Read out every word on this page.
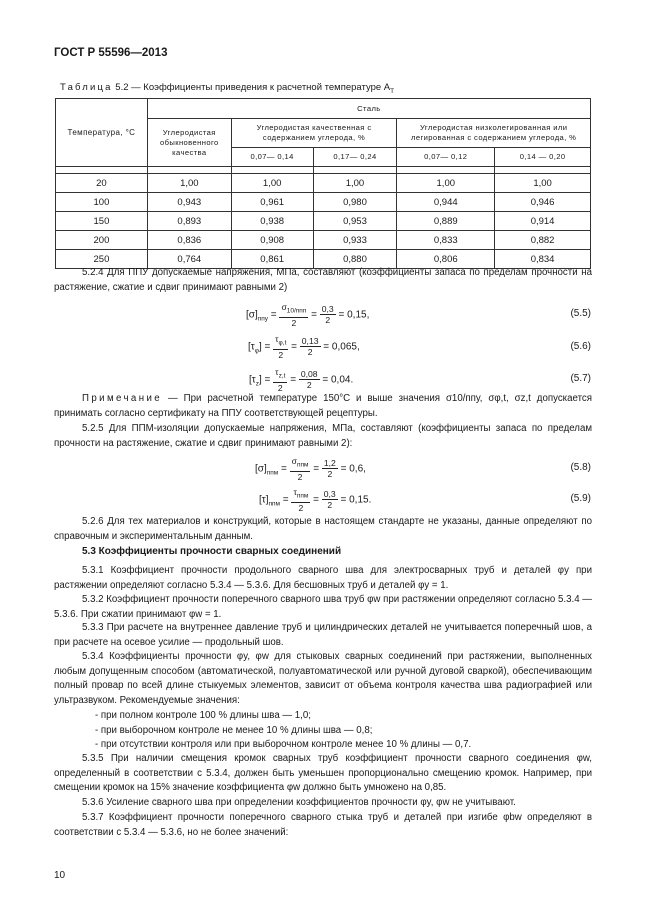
ГОСТ Р 55596—2013
Таблица 5.2 — Коэффициенты приведения к расчетной температуре $A_T$
Температура, °С	Сталь				
	Углеродистая обыкновенного качества	Углеродистая качественная с содержанием углерода, %		Углеродистая низколегированная или легированная с содержанием углерода, %	
		0,07— 0,14	0,17— 0,24	0,07— 0,12	0,14 — 0,20

20	1,00	1,00	1,00	1,00	1,00
100	0,943	0,961	0,980	0,944	0,946
150	0,893	0,938	0,953	0,889	0,914
200	0,836	0,908	0,933	0,833	0,882
250	0,764	0,861	0,880	0,806	0,834
5.2.4 Для ППУ допускаемые напряжения, МПа, составляют (коэффициенты запаса по пределам прочности на растяжение, сжатие и сдвиг принимают равными 2)
$[\sigma]_{ппу} = \frac{\sigma_{10/ппп}}{2} = \frac{0,3}{2} = 0,15$,	(5.5)
$[\tau_\varphi] = \frac{\tau_{\varphi,t}}{2} = \frac{0,13}{2} = 0,065$,	(5.6)
$[\tau_z] = \frac{\tau_{z,t}}{2} = \frac{0,08}{2} = 0,04$.	(5.7)
Примечание — При расчетной температуре 150°С и выше значения σ10/ппу, σφ,t, σz,t допускается принимать согласно сертификату на ППУ соответствующей рецептуры.
5.2.5 Для ППМ-изоляции допускаемые напряжения, МПа, составляют (коэффициенты запаса по пределам прочности на растяжение, сжатие и сдвиг принимают равными 2):
$[\sigma]_{ппм} = \frac{\sigma_{ппм}}{2} = \frac{1,2}{2} = 0,6$,	(5.8)
$[\tau]_{ппм} = \frac{\tau_{ппм}}{2} = \frac{0,3}{2} = 0,15$.	(5.9)
5.2.6 Для тех материалов и конструкций, которые в настоящем стандарте не указаны, данные определяют по справочным и экспериментальным данным.
5.3 Коэффициенты прочности сварных соединений
5.3.1 Коэффициент прочности продольного сварного шва для электросварных труб и деталей φy при растяжении определяют согласно 5.3.4 — 5.3.6. Для бесшовных труб и деталей φy = 1.
5.3.2 Коэффициент прочности поперечного сварного шва труб φw при растяжении определяют согласно 5.3.4 — 5.3.6. При сжатии принимают φw = 1.
5.3.3 При расчете на внутреннее давление труб и цилиндрических деталей не учитывается поперечный шов, а при расчете на осевое усилие — продольный шов.
5.3.4 Коэффициенты прочности φy, φw для стыковых сварных соединений при растяжении, выполненных любым допущенным способом (автоматической, полуавтоматической или ручной дуговой сваркой), обеспечивающим полный провар по всей длине стыкуемых элементов, зависит от объема контроля качества шва радиографией или ультразвуком. Рекомендуемые значения:
- при полном контроле 100 % длины шва — 1,0;
- при выборочном контроле не менее 10 % длины шва — 0,8;
- при отсутствии контроля или при выборочном контроле менее 10 % длины — 0,7.
5.3.5 При наличии смещения кромок сварных труб коэффициент прочности сварного соединения φw, определенный в соответствии с 5.3.4, должен быть уменьшен пропорционально смещению кромок. Например, при смещении кромок на 15% значение коэффициента φw должно быть умножено на 0,85.
5.3.6 Усиление сварного шва при определении коэффициентов прочности φy, φw не учитывают.
5.3.7 Коэффициент прочности поперечного сварного стыка труб и деталей при изгибе φbw определяют в соответствии с 5.3.4 — 5.3.6, но не более значений:
10
